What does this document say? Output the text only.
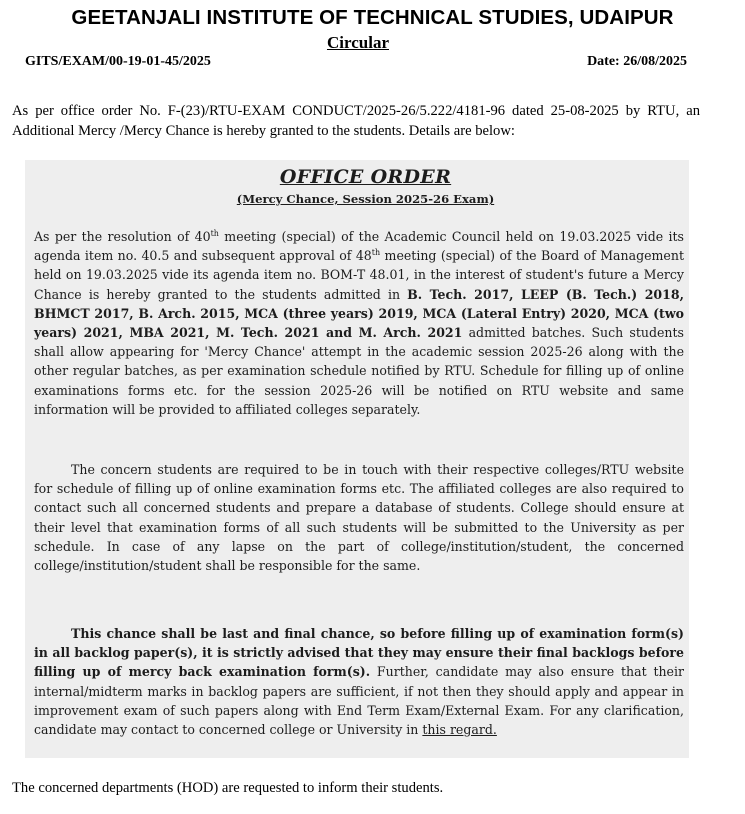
GEETANJALI INSTITUTE OF TECHNICAL STUDIES, UDAIPUR
Circular
GITS/EXAM/00-19-01-45/2025	Date: 26/08/2025
As per office order No. F-(23)/RTU-EXAM CONDUCT/2025-26/5.222/4181-96 dated 25-08-2025 by RTU, an Additional Mercy /Mercy Chance is hereby granted to the students. Details are below:
OFFICE ORDER
(Mercy Chance, Session 2025-26 Exam)

As per the resolution of 40th meeting (special) of the Academic Council held on 19.03.2025 vide its agenda item no. 40.5 and subsequent approval of 48th meeting (special) of the Board of Management held on 19.03.2025 vide its agenda item no. BOM-T 48.01, in the interest of student's future a Mercy Chance is hereby granted to the students admitted in B. Tech. 2017, LEEP (B. Tech.) 2018, BHMCT 2017, B. Arch. 2015, MCA (three years) 2019, MCA (Lateral Entry) 2020, MCA (two years) 2021, MBA 2021, M. Tech. 2021 and M. Arch. 2021 admitted batches. Such students shall allow appearing for 'Mercy Chance' attempt in the academic session 2025-26 along with the other regular batches, as per examination schedule notified by RTU. Schedule for filling up of online examinations forms etc. for the session 2025-26 will be notified on RTU website and same information will be provided to affiliated colleges separately.

The concern students are required to be in touch with their respective colleges/RTU website for schedule of filling up of online examination forms etc. The affiliated colleges are also required to contact such all concerned students and prepare a database of students. College should ensure at their level that examination forms of all such students will be submitted to the University as per schedule. In case of any lapse on the part of college/institution/student, the concerned college/institution/student shall be responsible for the same.

This chance shall be last and final chance, so before filling up of examination form(s) in all backlog paper(s), it is strictly advised that they may ensure their final backlogs before filling up of mercy back examination form(s). Further, candidate may also ensure that their internal/midterm marks in backlog papers are sufficient, if not then they should apply and appear in improvement exam of such papers along with End Term Exam/External Exam. For any clarification, candidate may contact to concerned college or University in this regard.

The concerned departments (HOD) are requested to inform their students.
